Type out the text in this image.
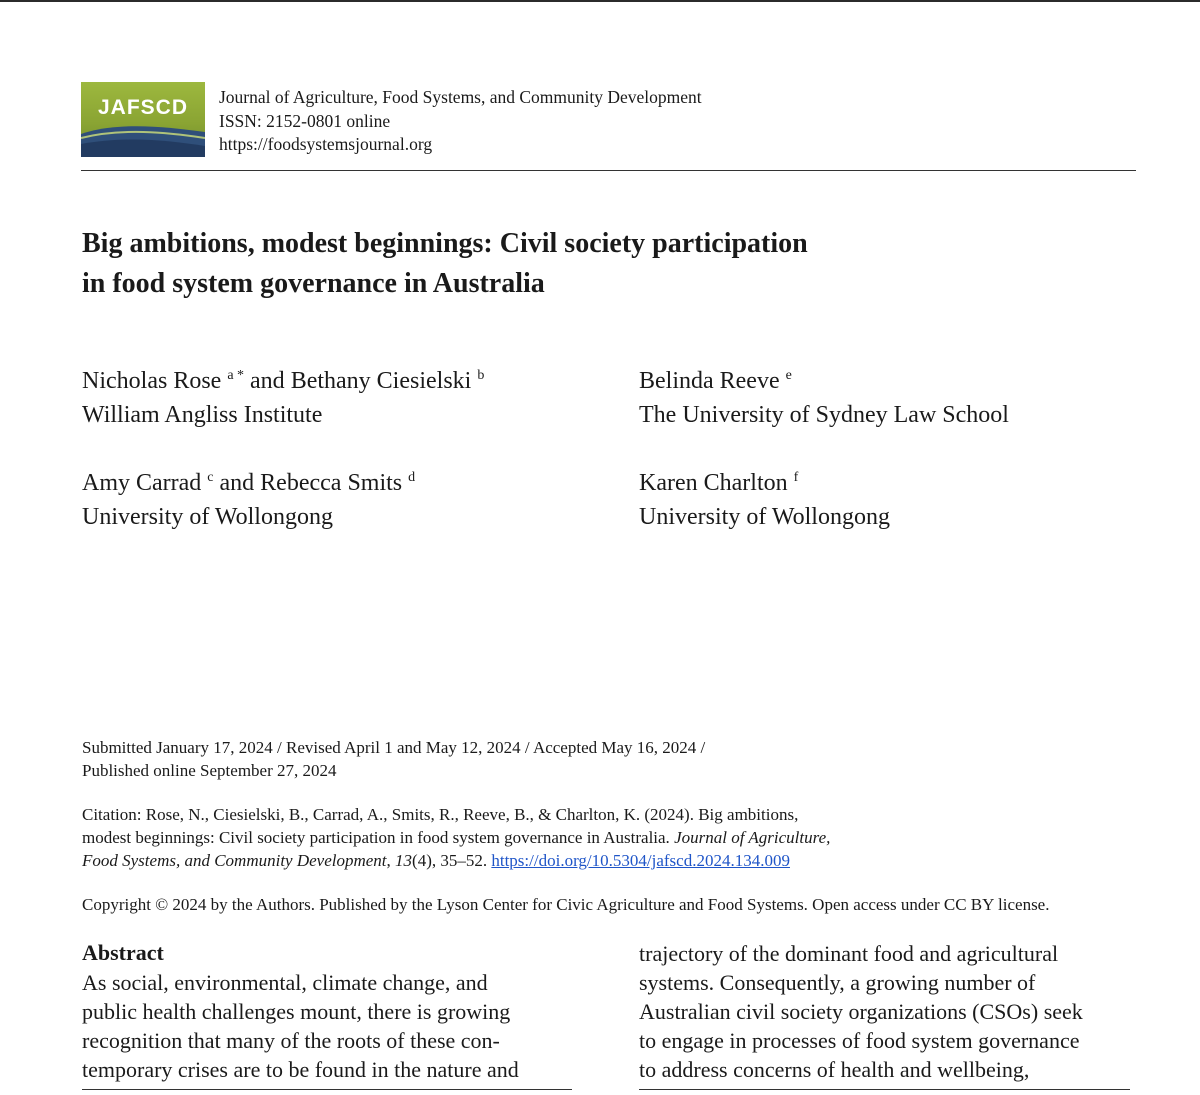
JAFSCD	Journal of Agriculture, Food Systems, and Community Development
ISSN: 2152-0801 online
https://foodsystemsjournal.org
Big ambitions, modest beginnings: Civil society participation
in food system governance in Australia
Nicholas Rose $^{a *}$ and Bethany Ciesielski $^b$
William Angliss Institute
Belinda Reeve $^e$
The University of Sydney Law School
Amy Carrad $^c$ and Rebecca Smits $^d$
University of Wollongong
Karen Charlton $^f$
University of Wollongong
Submitted January 17, 2024 / Revised April 1 and May 12, 2024 / Accepted May 16, 2024 /
Published online September 27, 2024
Citation: Rose, N., Ciesielski, B., Carrad, A., Smits, R., Reeve, B., & Charlton, K. (2024). Big ambitions,
modest beginnings: Civil society participation in food system governance in Australia. Journal of Agriculture,
Food Systems, and Community Development, 13(4), 35–52. https://doi.org/10.5304/jafscd.2024.134.009
Copyright © 2024 by the Authors. Published by the Lyson Center for Civic Agriculture and Food Systems. Open access under CC BY license.
Abstract
As social, environmental, climate change, and
public health challenges mount, there is growing
recognition that many of the roots of these con-
temporary crises are to be found in the nature and
trajectory of the dominant food and agricultural
systems. Consequently, a growing number of
Australian civil society organizations (CSOs) seek
to engage in processes of food system governance
to address concerns of health and wellbeing,
